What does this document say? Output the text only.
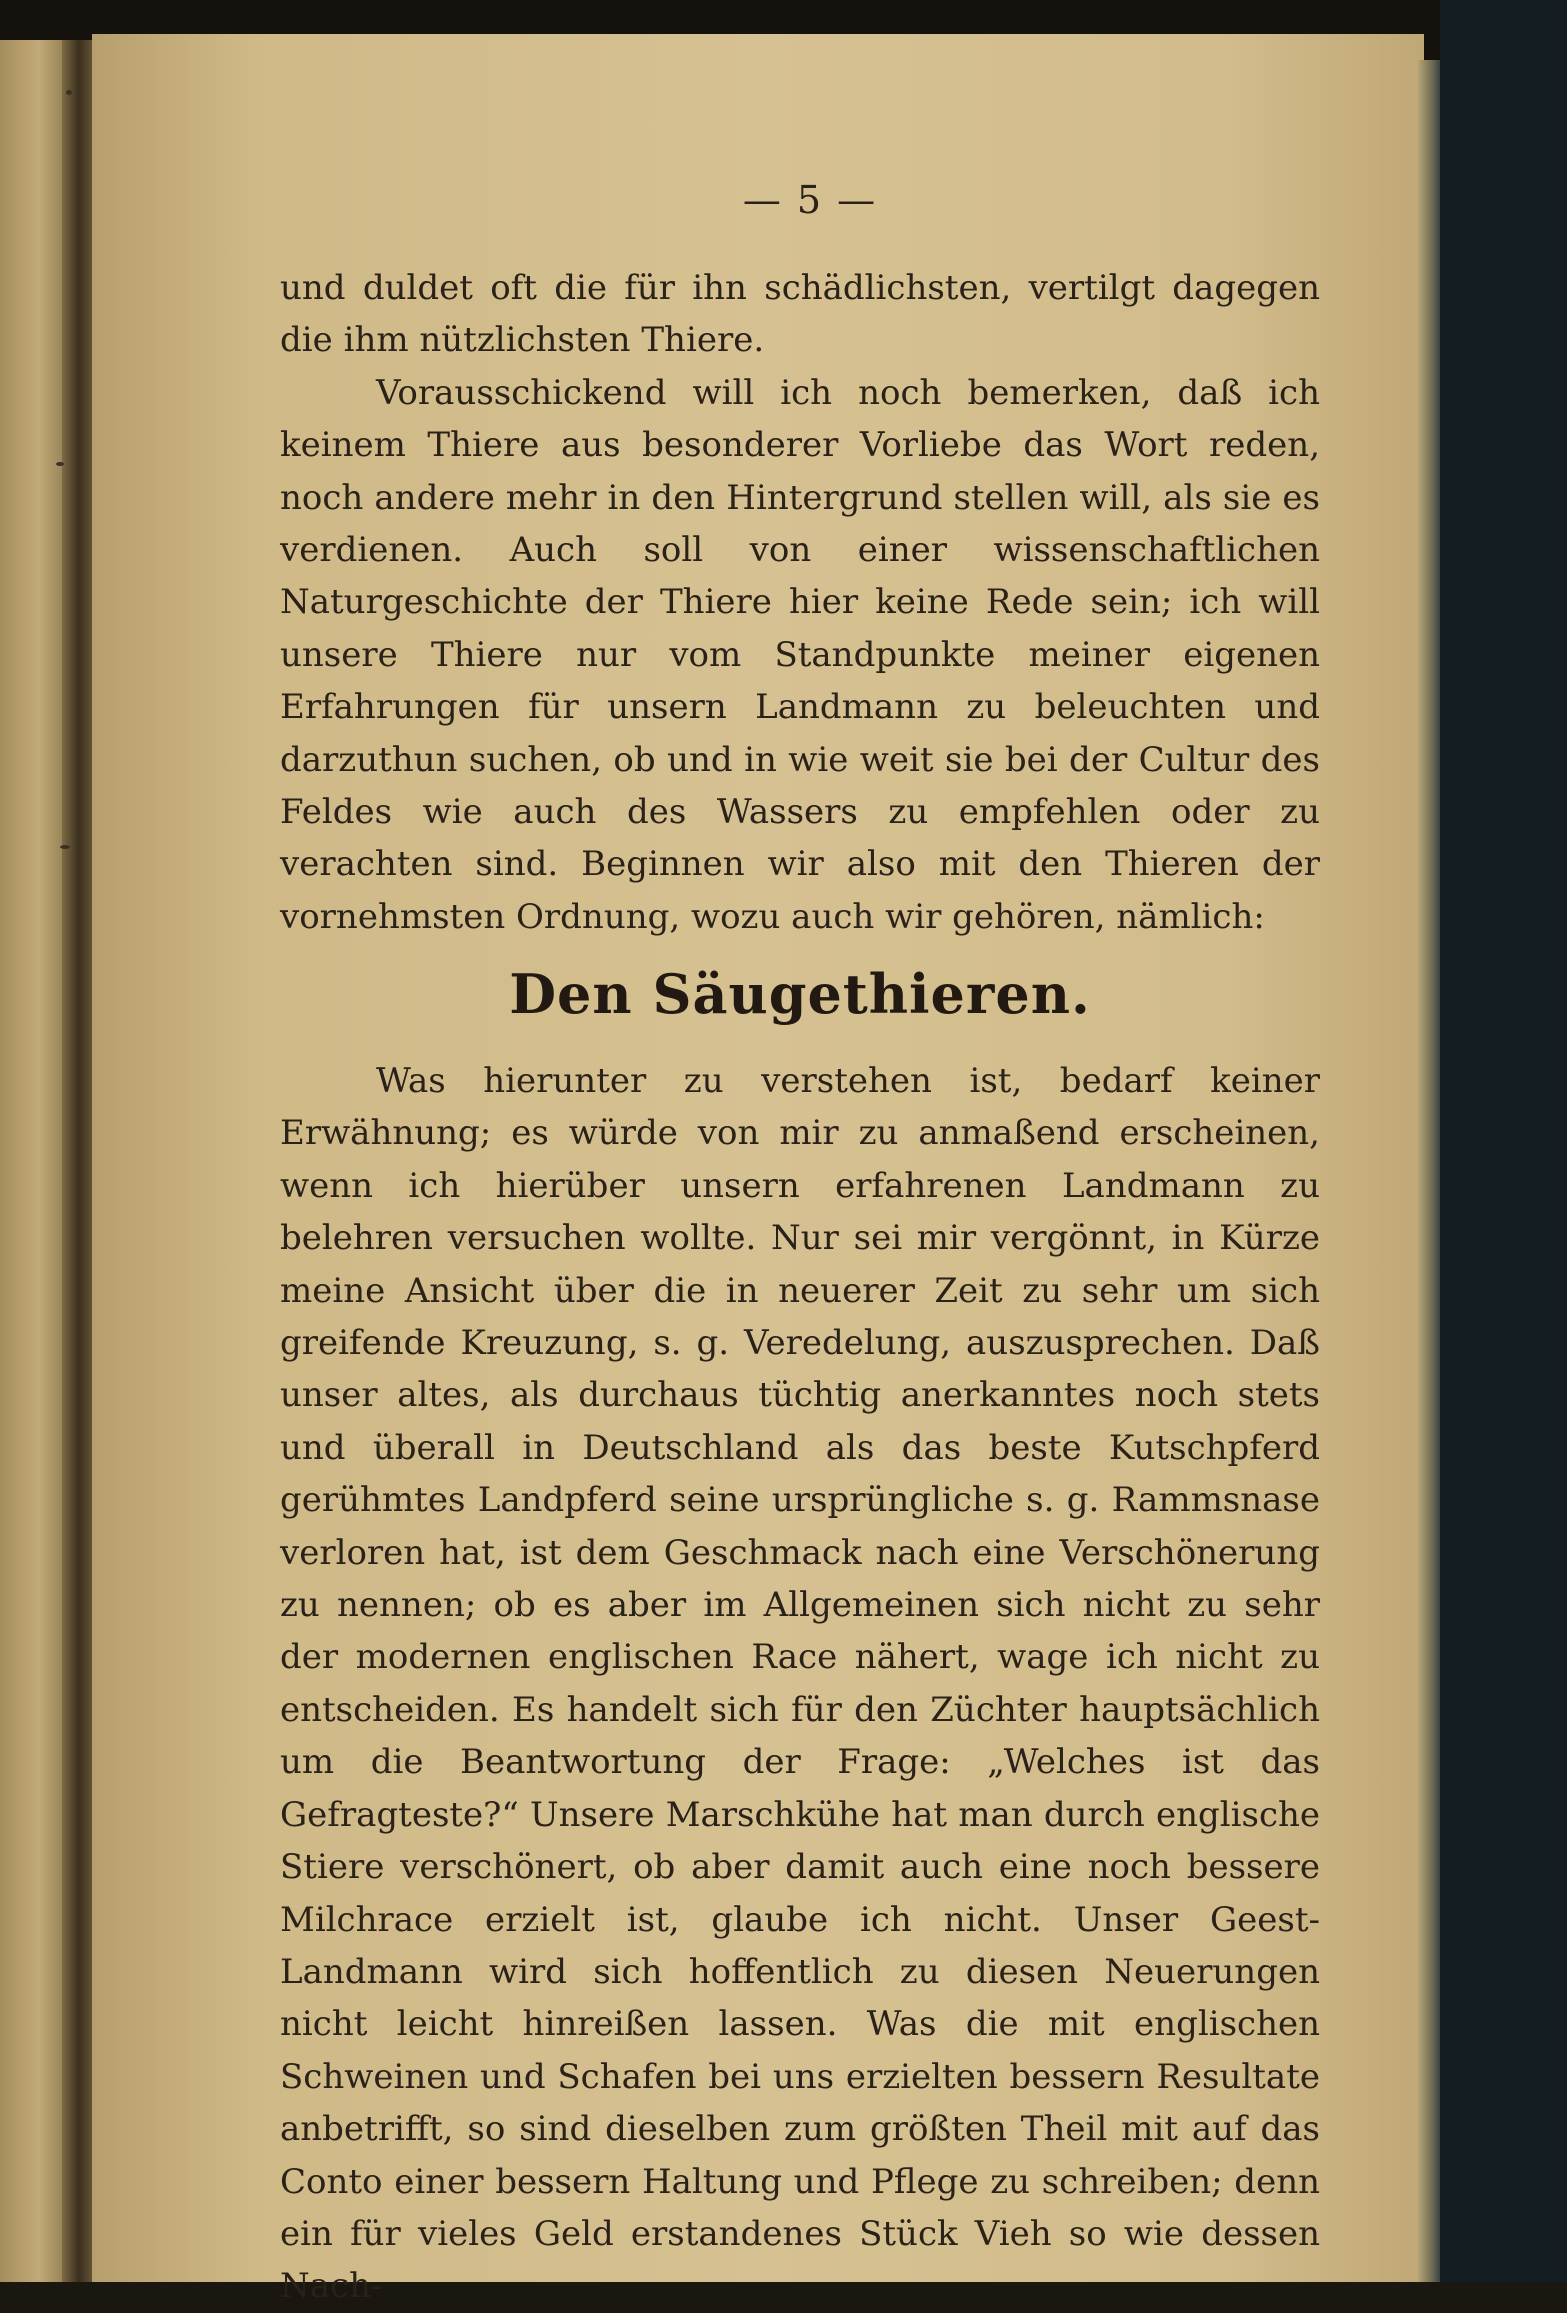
— 5 —

und duldet oft die für ihn schädlichsten, vertilgt dagegen die ihm nützlichsten Thiere.

Vorausschickend will ich noch bemerken, daß ich keinem Thiere aus besonderer Vorliebe das Wort reden, noch andere mehr in den Hintergrund stellen will, als sie es verdienen. Auch soll von einer wissenschaftlichen Naturgeschichte der Thiere hier keine Rede sein; ich will unsere Thiere nur vom Standpunkte meiner eigenen Erfahrungen für unsern Landmann zu beleuchten und darzuthun suchen, ob und in wie weit sie bei der Cultur des Feldes wie auch des Wassers zu empfehlen oder zu verachten sind. Beginnen wir also mit den Thieren der vornehmsten Ordnung, wozu auch wir gehören, nämlich:

Den Säugethieren.

Was hierunter zu verstehen ist, bedarf keiner Erwähnung; es würde von mir zu anmaßend erscheinen, wenn ich hierüber unsern erfahrenen Landmann zu belehren versuchen wollte. Nur sei mir vergönnt, in Kürze meine Ansicht über die in neuerer Zeit zu sehr um sich greifende Kreuzung, s. g. Veredelung, auszusprechen. Daß unser altes, als durchaus tüchtig anerkanntes noch stets und überall in Deutschland als das beste Kutschpferd gerühmtes Landpferd seine ursprüngliche s. g. Rammsnase verloren hat, ist dem Geschmack nach eine Verschönerung zu nennen; ob es aber im Allgemeinen sich nicht zu sehr der modernen englischen Race nähert, wage ich nicht zu entscheiden. Es handelt sich für den Züchter hauptsächlich um die Beantwortung der Frage: „Welches ist das Gefragteste?“ Unsere Marschkühe hat man durch englische Stiere verschönert, ob aber damit auch eine noch bessere Milchrace erzielt ist, glaube ich nicht. Unser Geest-Landmann wird sich hoffentlich zu diesen Neuerungen nicht leicht hinreißen lassen. Was die mit englischen Schweinen und Schafen bei uns erzielten bessern Resultate anbetrifft, so sind dieselben zum größten Theil mit auf das Conto einer bessern Haltung und Pflege zu schreiben; denn ein für vieles Geld erstandenes Stück Vieh so wie dessen Nach-
